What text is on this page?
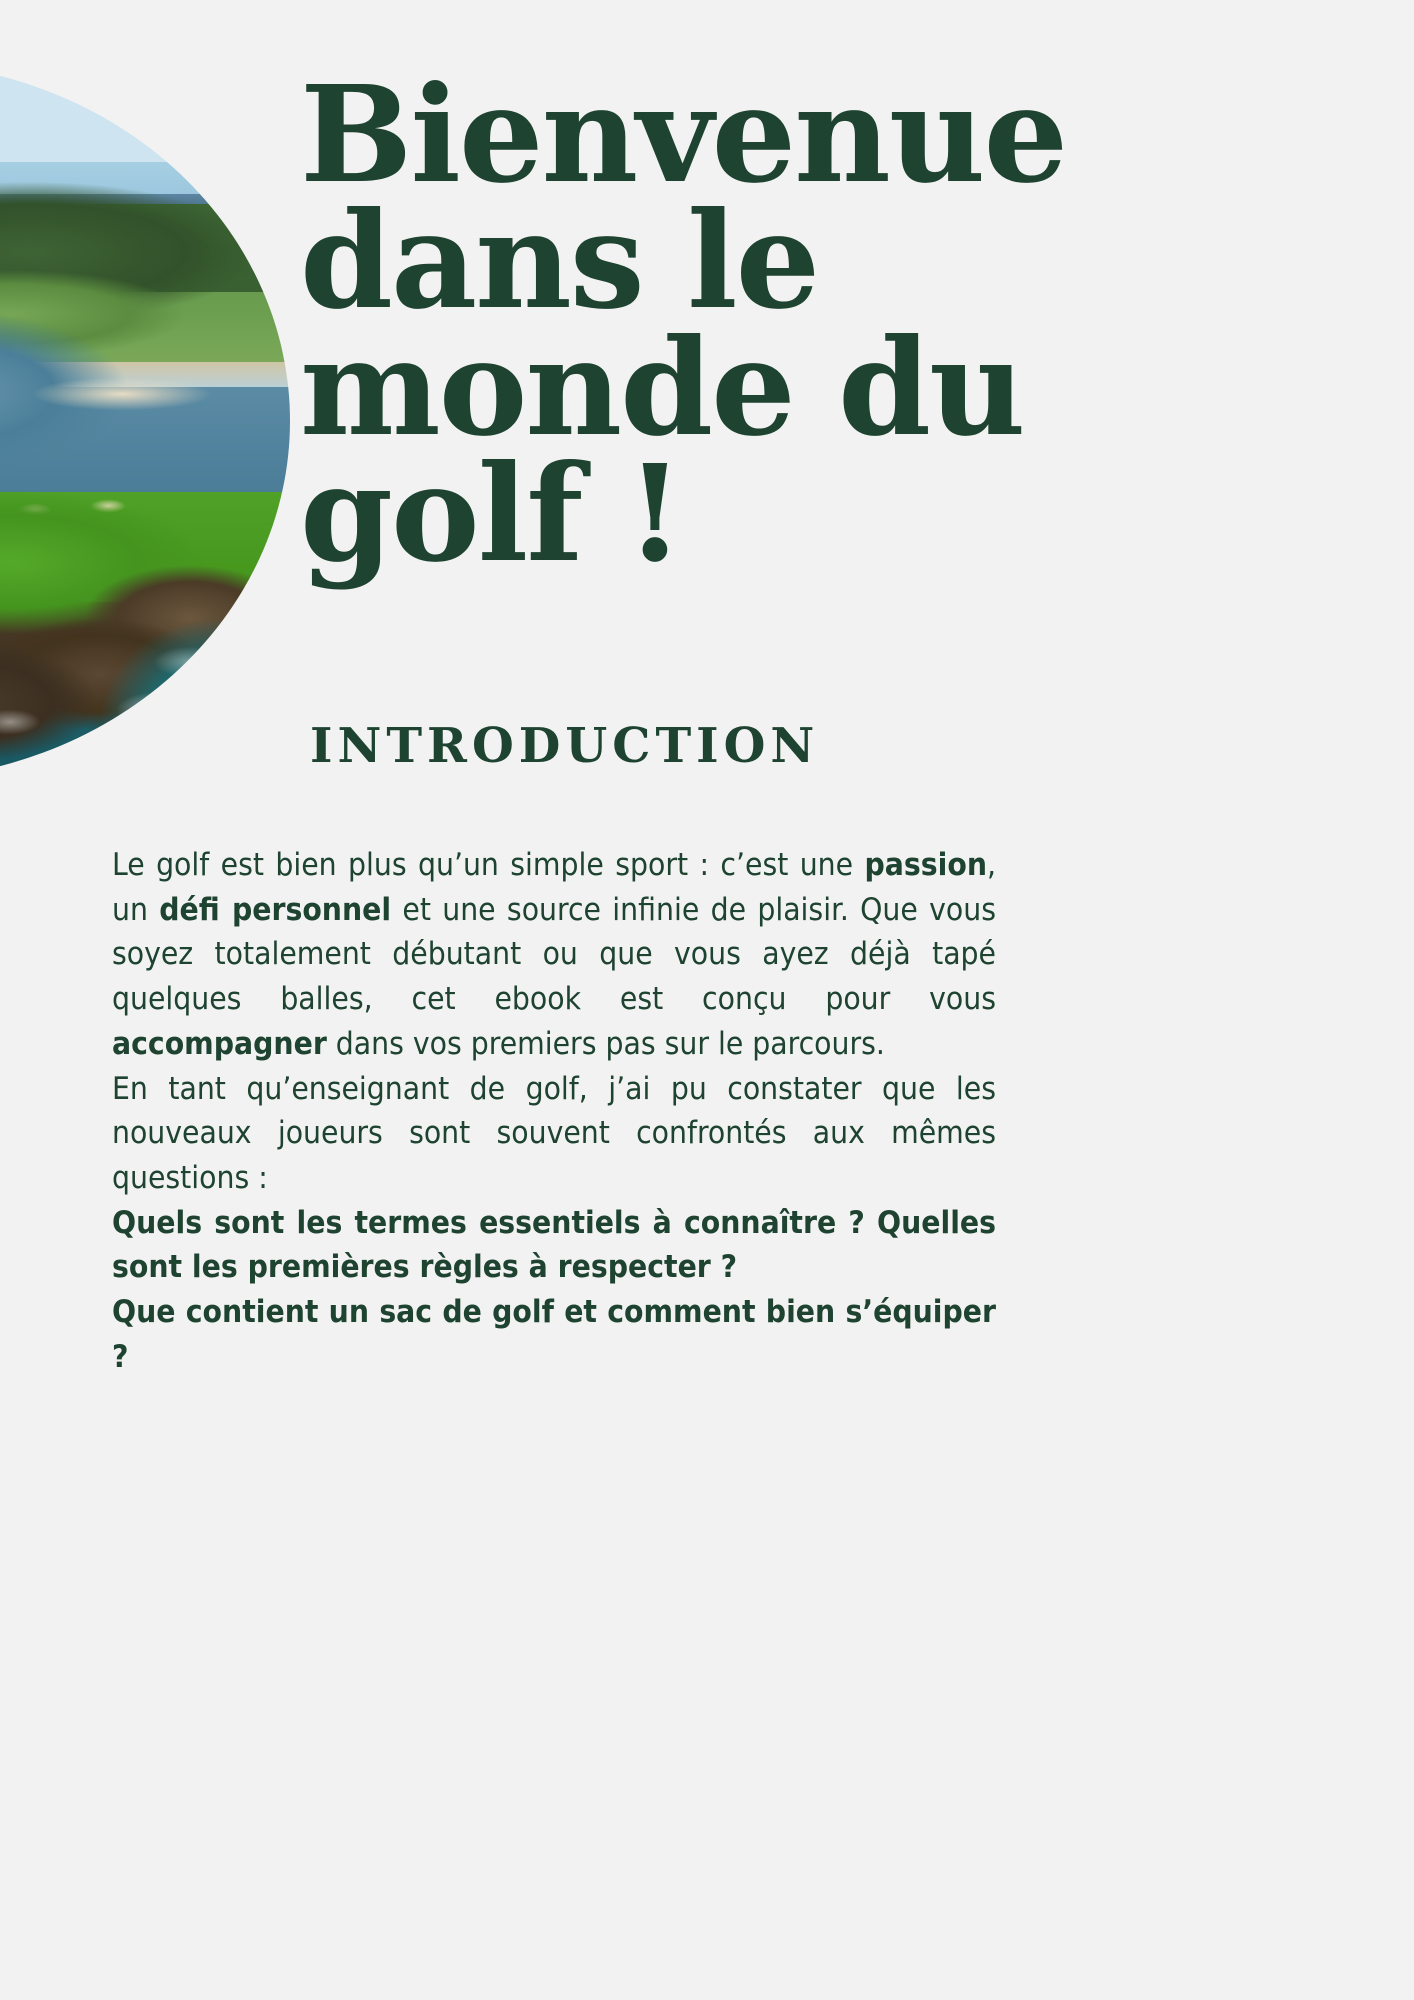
Bienvenue dans le monde du golf !
INTRODUCTION

Le golf est bien plus qu’un simple sport : c’est une passion, un défi personnel et une source infinie de plaisir. Que vous soyez totalement débutant ou que vous ayez déjà tapé quelques balles, cet ebook est conçu pour vous accompagner dans vos premiers pas sur le parcours.

En tant qu’enseignant de golf, j’ai pu constater que les nouveaux joueurs sont souvent confrontés aux mêmes questions :

Quels sont les termes essentiels à connaître ? Quelles sont les premières règles à respecter ?

Que contient un sac de golf et comment bien s’équiper ?
